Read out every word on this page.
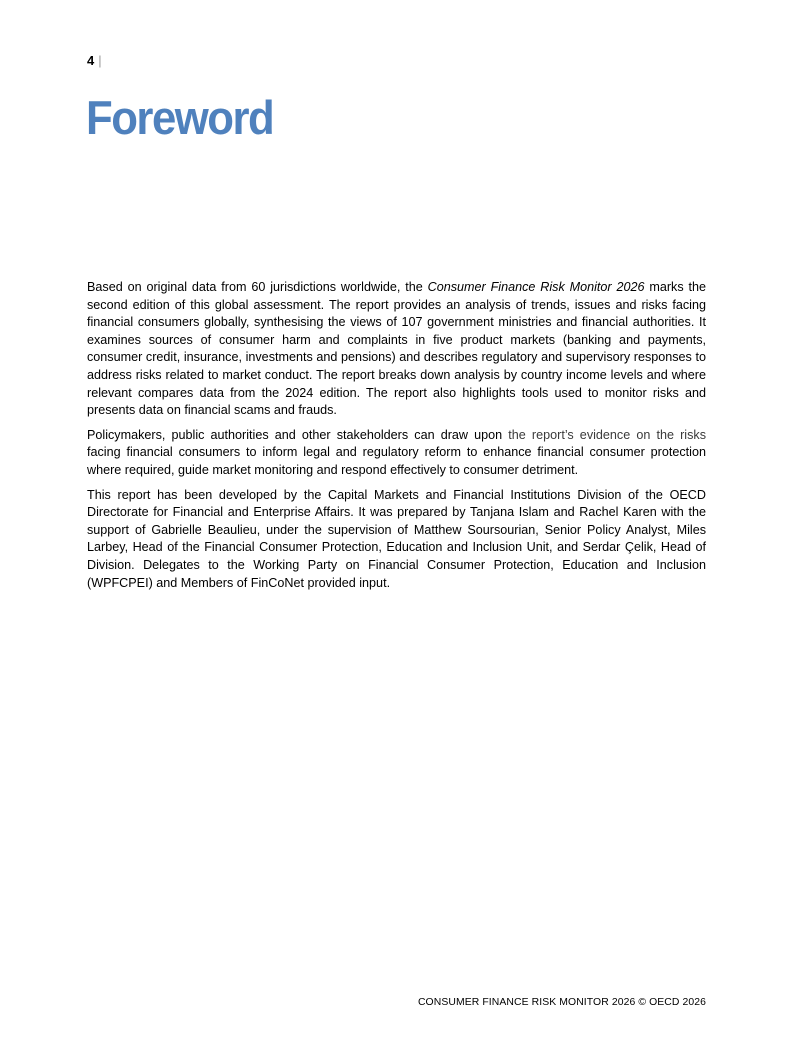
4 |
Foreword

Based on original data from 60 jurisdictions worldwide, the Consumer Finance Risk Monitor 2026 marks the second edition of this global assessment. The report provides an analysis of trends, issues and risks facing financial consumers globally, synthesising the views of 107 government ministries and financial authorities. It examines sources of consumer harm and complaints in five product markets (banking and payments, consumer credit, insurance, investments and pensions) and describes regulatory and supervisory responses to address risks related to market conduct. The report breaks down analysis by country income levels and where relevant compares data from the 2024 edition. The report also highlights tools used to monitor risks and presents data on financial scams and frauds.

Policymakers, public authorities and other stakeholders can draw upon the report’s evidence on the risks facing financial consumers to inform legal and regulatory reform to enhance financial consumer protection where required, guide market monitoring and respond effectively to consumer detriment.

This report has been developed by the Capital Markets and Financial Institutions Division of the OECD Directorate for Financial and Enterprise Affairs. It was prepared by Tanjana Islam and Rachel Karen with the support of Gabrielle Beaulieu, under the supervision of Matthew Soursourian, Senior Policy Analyst, Miles Larbey, Head of the Financial Consumer Protection, Education and Inclusion Unit, and Serdar Çelik, Head of Division. Delegates to the Working Party on Financial Consumer Protection, Education and Inclusion (WPFCPEI) and Members of FinCoNet provided input.

CONSUMER FINANCE RISK MONITOR 2026 © OECD 2026
